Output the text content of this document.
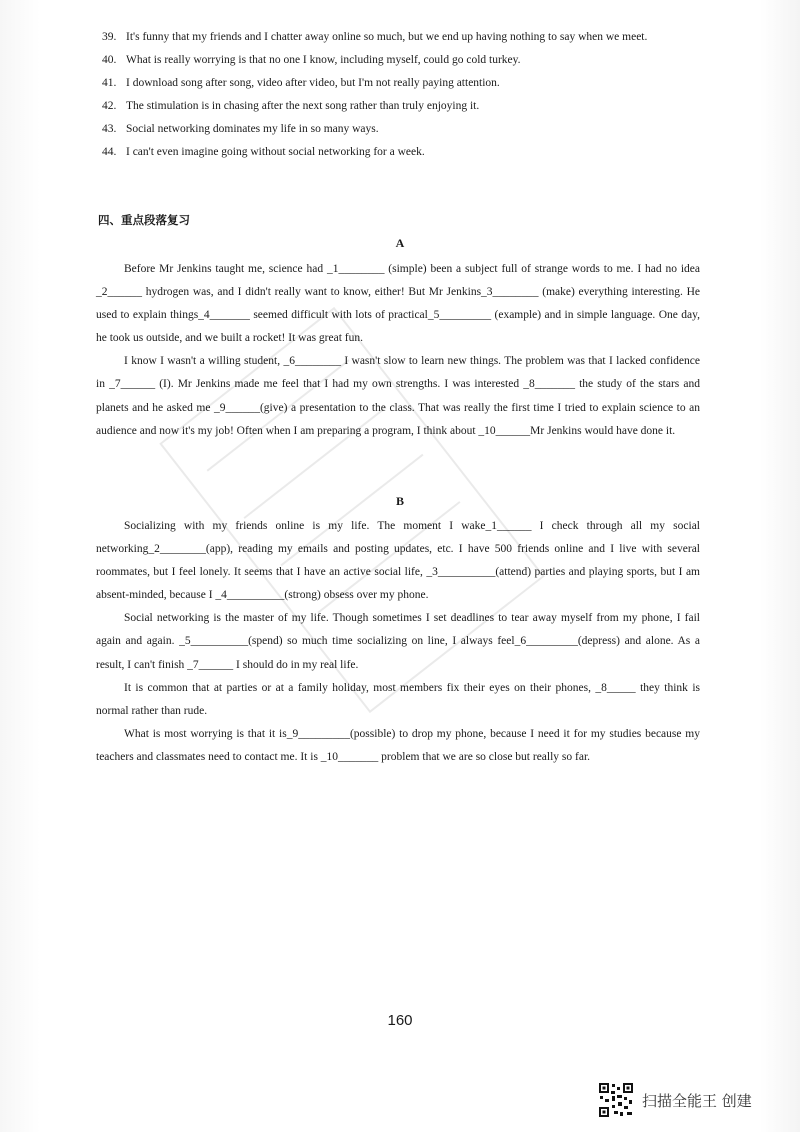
39. It's funny that my friends and I chatter away online so much, but we end up having nothing to say when we meet.
40. What is really worrying is that no one I know, including myself, could go cold turkey.
41. I download song after song, video after video, but I'm not really paying attention.
42. The stimulation is in chasing after the next song rather than truly enjoying it.
43. Social networking dominates my life in so many ways.
44. I can't even imagine going without social networking for a week.
四、重点段落复习
A

Before Mr Jenkins taught me, science had _1________ (simple) been a subject full of strange words to me. I had no idea _2______ hydrogen was, and I didn't really want to know, either! But Mr Jenkins_3________ (make) everything interesting. He used to explain things_4_______ seemed difficult with lots of practical_5_________ (example) and in simple language. One day, he took us outside, and we built a rocket! It was great fun.

I know I wasn't a willing student, _6________ I wasn't slow to learn new things. The problem was that I lacked confidence in _7______ (I). Mr Jenkins made me feel that I had my own strengths. I was interested _8_______ the study of the stars and planets and he asked me _9______(give) a presentation to the class. That was really the first time I tried to explain science to an audience and now it's my job! Often when I am preparing a program, I think about _10______Mr Jenkins would have done it.

B

Socializing with my friends online is my life. The moment I wake_1______ I check through all my social networking_2________(app), reading my emails and posting updates, etc. I have 500 friends online and I live with several roommates, but I feel lonely. It seems that I have an active social life, _3__________(attend) parties and playing sports, but I am absent-minded, because I _4__________(strong) obsess over my phone.

Social networking is the master of my life. Though sometimes I set deadlines to tear away myself from my phone, I fail again and again. _5__________(spend) so much time socializing on line, I always feel_6_________(depress) and alone. As a result, I can't finish _7______ I should do in my real life.

It is common that at parties or at a family holiday, most members fix their eyes on their phones, _8_____ they think is normal rather than rude.

What is most worrying is that it is_9_________(possible) to drop my phone, because I need it for my studies because my teachers and classmates need to contact me. It is _10_______ problem that we are so close but really so far.

160
扫描全能王 创建
